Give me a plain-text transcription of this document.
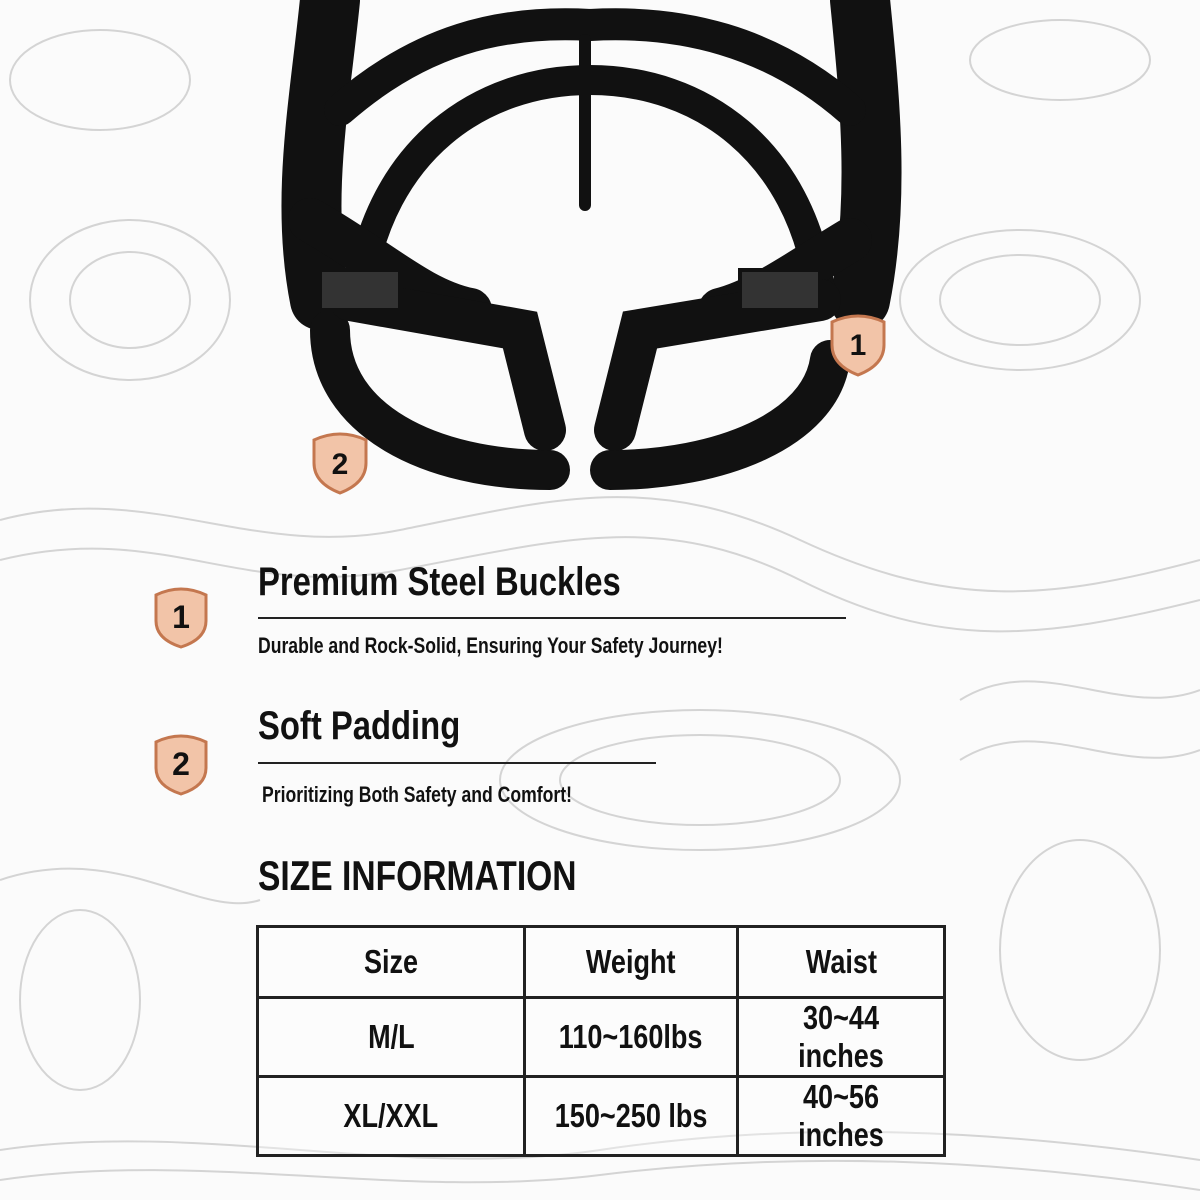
1
2
1
Premium Steel Buckles
Durable and Rock-Solid, Ensuring Your Safety Journey!
2
Soft Padding
Prioritizing Both Safety and Comfort!
SIZE INFORMATION
Size	Weight	Waist
M/L	110~160lbs	30~44 inches
XL/XXL	150~250 lbs	40~56 inches
